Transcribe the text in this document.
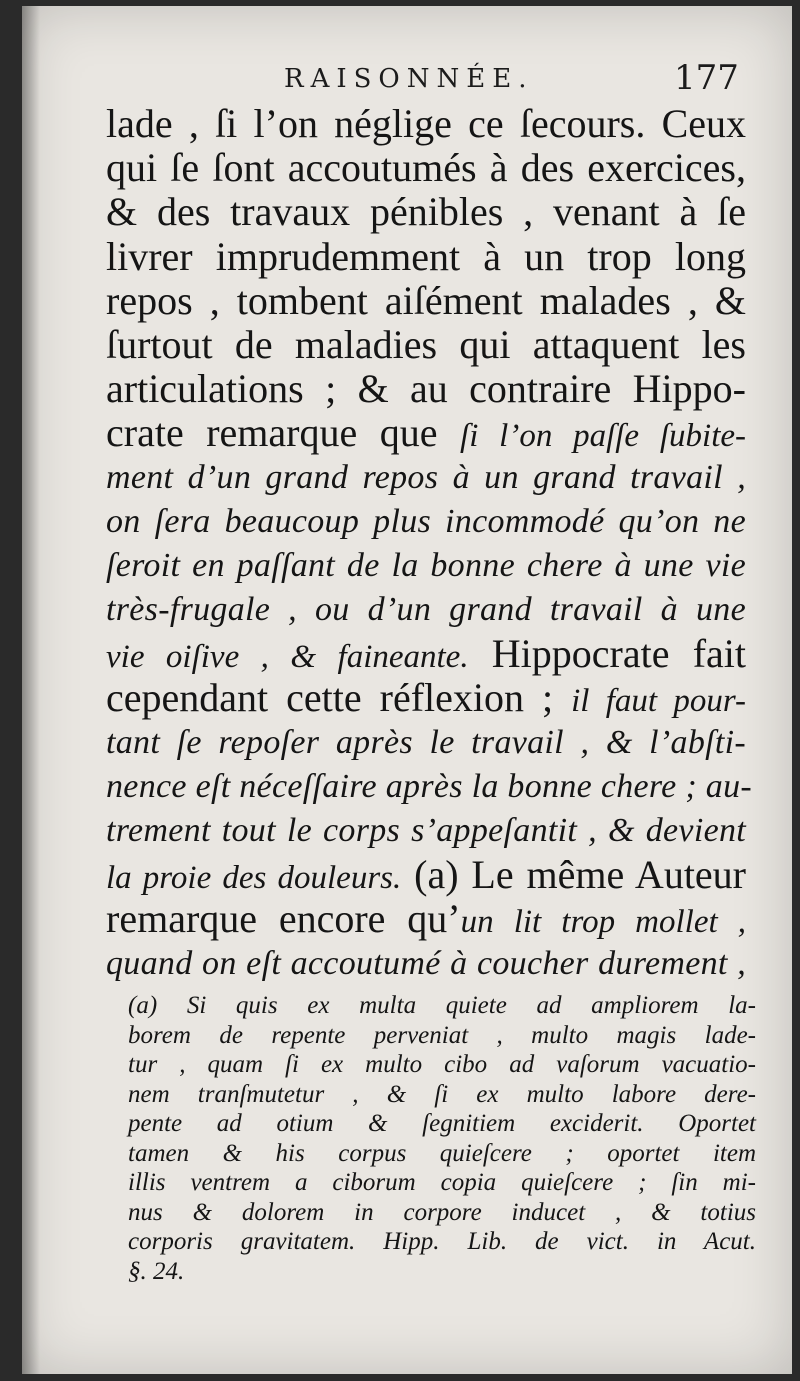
RAISONNÉE.	177
lade , ſi l’on néglige ce ſecours. Ceux
qui ſe ſont accoutumés à des exercices,
& des travaux pénibles , venant à ſe
livrer imprudemment à un trop long
repos , tombent aiſément malades , &
ſurtout de maladies qui attaquent les
articulations ; & au contraire Hippo-
crate remarque que ſi l’on paſſe ſubite-
ment d’un grand repos à un grand travail ,
on ſera beaucoup plus incommodé qu’on ne
ſeroit en paſſant de la bonne chere à une vie
très-frugale , ou d’un grand travail à une
vie oiſive , & faineante. Hippocrate fait
cependant cette réflexion ; il faut pour-
tant ſe repoſer après le travail , & l’abſti-
nence eſt néceſſaire après la bonne chere ; au-
trement tout le corps s’appeſantit , & devient
la proie des douleurs. (a) Le même Auteur
remarque encore qu’un lit trop mollet ,
quand on eſt accoutumé à coucher durement ,
(a) Si quis ex multa quiete ad ampliorem la-
borem de repente perveniat , multo magis lade-
tur , quam ſi ex multo cibo ad vaſorum vacuatio-
nem tranſmutetur , & ſi ex multo labore dere-
pente ad otium & ſegnitiem exciderit. Oportet
tamen & his corpus quieſcere ; oportet item
illis ventrem a ciborum copia quieſcere ; ſin mi-
nus & dolorem in corpore inducet , & totius
corporis gravitatem. Hipp. Lib. de vict. in Acut.
§. 24.
